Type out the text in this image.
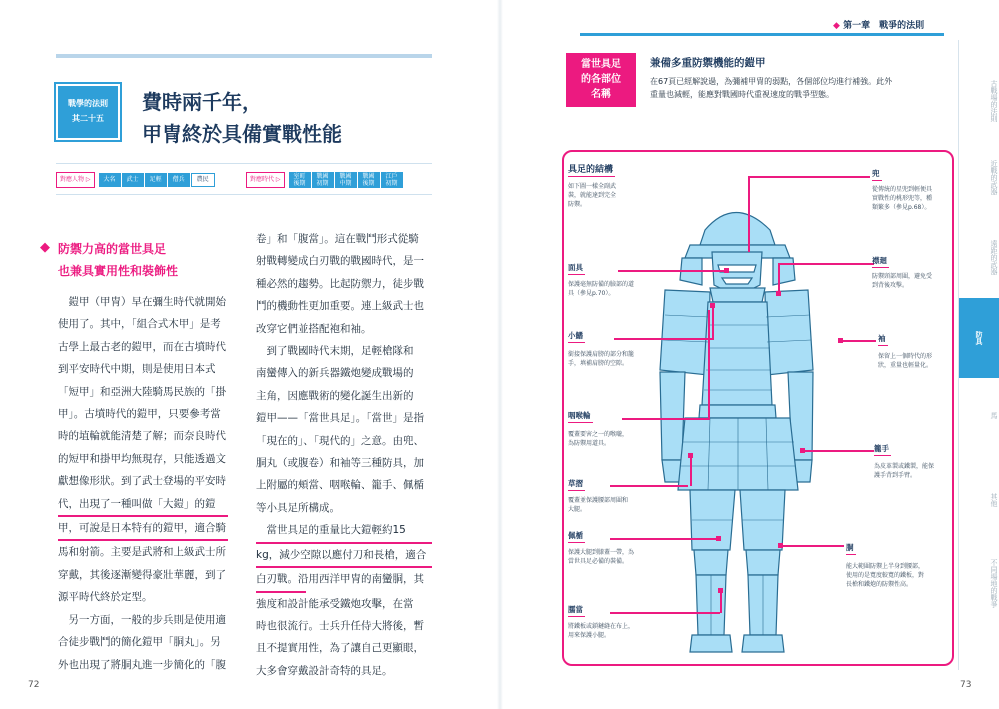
戰學的法則
其二十五
費時兩千年，
甲冑終於具備實戰性能
對應人物 ▷	大名	武士	足輕	僧兵	農民	對應時代 ▷	室町
後期
戰國
初期
戰國
中期
戰國
後期
江戶
初期
◆ 防禦力高的當世具足
也兼具實用性和裝飾性
　鎧甲（甲冑）早在彌生時代就開始
使用了。其中，「組合式木甲」是考
古學上最古老的鎧甲，而在古墳時代
到平安時代中期，則是使用日本式
「短甲」和亞洲大陸騎馬民族的「掛
甲」。古墳時代的鎧甲，只要參考當
時的埴輪就能清楚了解；而奈良時代
的短甲和掛甲均無現存，只能透過文
獻想像形狀。到了武士登場的平安時
代，出現了一種叫做「大鎧」的鎧
甲，可說是日本特有的鎧甲，適合騎
馬和射箭。主要是武將和上級武士所
穿戴，其後逐漸變得豪壯華麗，到了
源平時代終於定型。
　另一方面，一般的步兵則是使用適
合徒步戰鬥的簡化鎧甲「胴丸」。另
外也出現了將胴丸進一步簡化的「腹
卷」和「腹當」。這在戰鬥形式從騎
射戰轉變成白刃戰的戰國時代，是一
種必然的趨勢。比起防禦力，徒步戰
鬥的機動性更加重要。連上級武士也
改穿它們並搭配袍和袖。
　到了戰國時代末期，足輕槍隊和
南蠻傳入的新兵器鐵炮變成戰場的
主角，因應戰術的變化誕生出新的
鎧甲——「當世具足」。「當世」是指
「現在的」、「現代的」之意。由兜、
胴丸（或腹卷）和袖等三種防具，加
上附屬的頰當、咽喉輪、籠手、佩楯
等小具足所構成。
　當世具足的重量比大鎧輕約15
kg，減少空隙以應付刀和長槍，適合
白刃戰。沿用西洋甲冑的南蠻胴，其
強度和設計能承受鐵炮攻擊，在當
時也很流行。士兵升任侍大將後，暫
且不提實用性，為了讓自己更顯眼，
大多會穿戴設計奇特的具足。
72
◆ 第一章　戰爭的法則
古戰場的法則
近戰的武器
遠距的武器
防具
馬
其他
不同場地的戰爭
當世具足
的各部位
名稱
兼備多重防禦機能的鎧甲
在67頁已經解說過，為彌補甲冑的弱點，各個部位均進行補強。此外
重量也減輕，能應對戰國時代重視速度的戰爭型態。
具足的結構
如下圖一樣全副武
裝，就能達到完全
防禦。
兜
從傳統的星兜到輕便具
實戰性的桃形兜等，種
類繁多（參見p.68）。
面具
保護毫無防備的臉部的道
具（參見p.70）。
襟廻
防禦頸部周圍，避免受
到背後攻擊。
小鰭
銜接保護肩膀的部分和籠
手，填補肩膀的空隙。
袖
保留上一個時代的形
狀，重量也輕量化。
咽喉輪
覆蓋要害之一的喉嚨，
為防禦用道具。
籠手
為皮革製或鐵製，能保
護手背到手臂。
草摺
覆蓋並保護腰部周圍和
大腿。
佩楯
保護大腿到膝蓋一帶，為
當世具足必備的裝備。
胴
能大範圍防禦上半身到腰部，
使用的是寬度較寬的鐵板，對
長槍和鐵炮的防禦性高。
臑當
將鐵板或鎖鏈縫在布上，
用來保護小腿。
73
